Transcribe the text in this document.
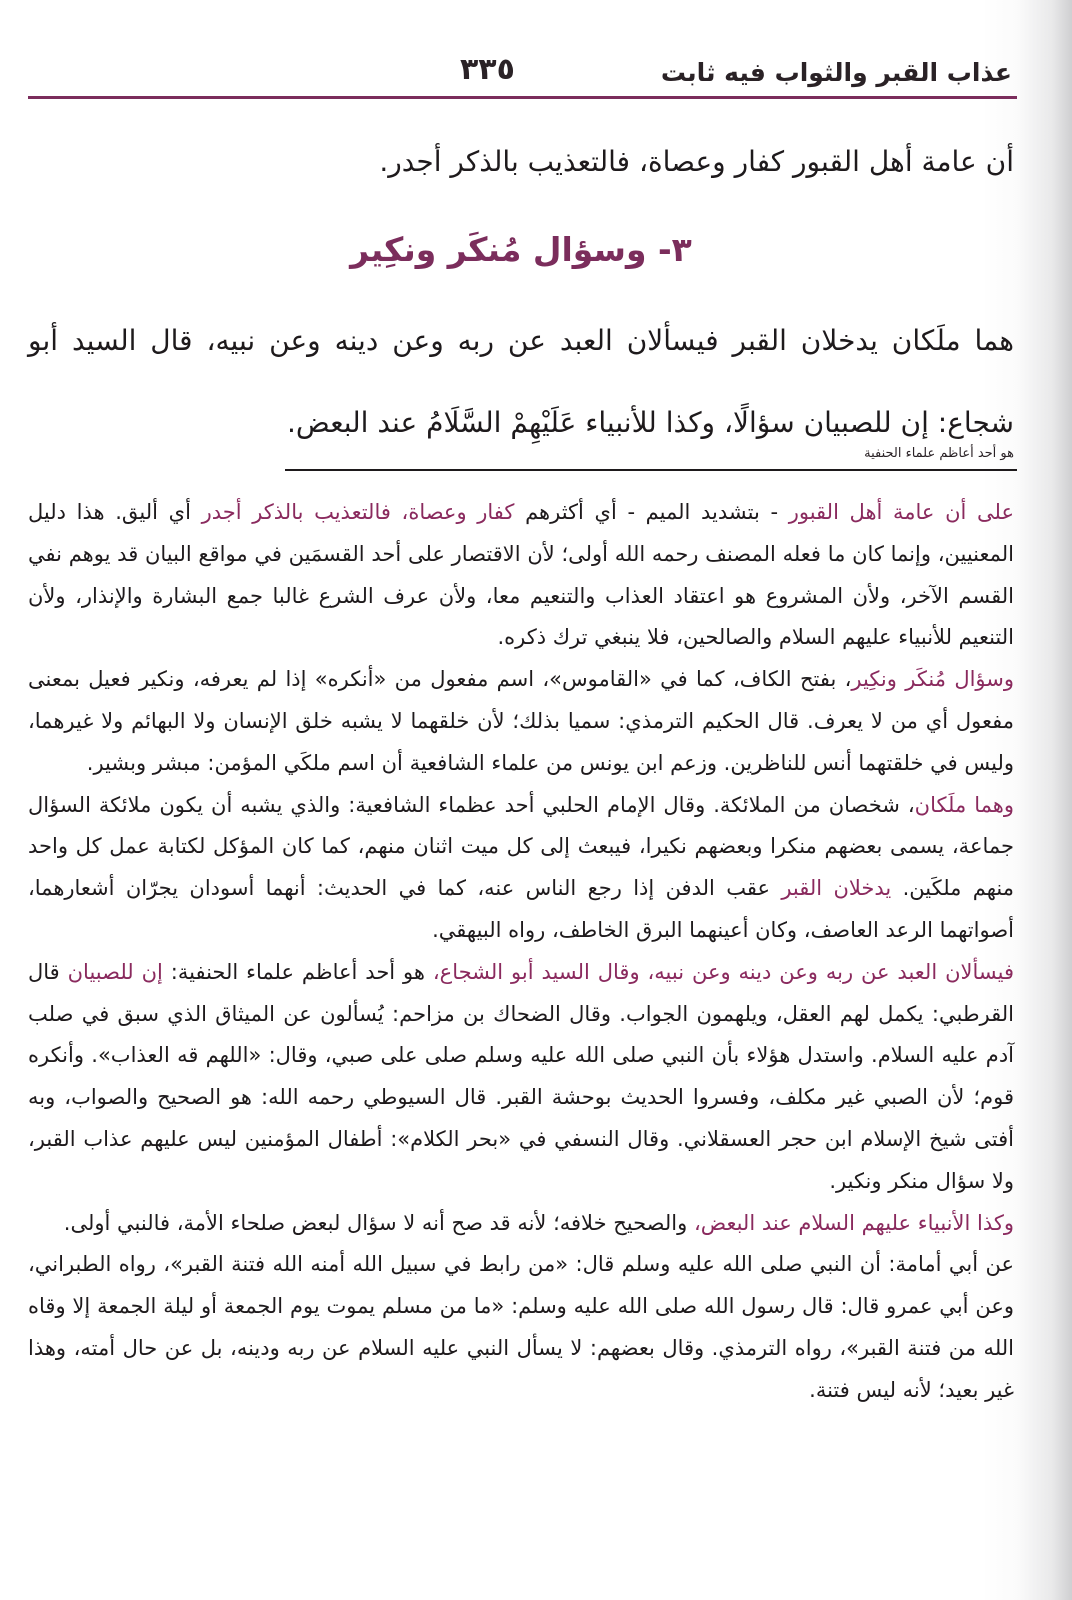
عذاب القبر والثواب فيه ثابت
٣٣٥
أن عامة أهل القبور كفار وعصاة، فالتعذيب بالذكر أجدر.
٣- وسؤال مُنكَر ونكِير
هما ملَكان يدخلان القبر فيسألان العبد عن ربه وعن دينه وعن نبيه، قال السيد أبو شجاع: إن للصبيان سؤالًا، وكذا للأنبياء عَلَيْهِمْ السَّلَامُ عند البعض.
هو أحد أعاظم علماء الحنفية

على أن عامة أهل القبور - بتشديد الميم - أي أكثرهم كفار وعصاة، فالتعذيب بالذكر أجدر أي أليق. هذا دليل المعنيين، وإنما كان ما فعله المصنف رحمه الله أولى؛ لأن الاقتصار على أحد القسمَين في مواقع البيان قد يوهم نفي القسم الآخر، ولأن المشروع هو اعتقاد العذاب والتنعيم معا، ولأن عرف الشرع غالبا جمع البشارة والإنذار، ولأن التنعيم للأنبياء عليهم السلام والصالحين، فلا ينبغي ترك ذكره.

وسؤال مُنكَر ونكِير، بفتح الكاف، كما في «القاموس»، اسم مفعول من «أنكره» إذا لم يعرفه، ونكير فعيل بمعنى مفعول أي من لا يعرف. قال الحكيم الترمذي: سميا بذلك؛ لأن خلقهما لا يشبه خلق الإنسان ولا البهائم ولا غيرهما، وليس في خلقتهما أنس للناظرين. وزعم ابن يونس من علماء الشافعية أن اسم ملكَي المؤمن: مبشر وبشير.

وهما ملَكان، شخصان من الملائكة. وقال الإمام الحلبي أحد عظماء الشافعية: والذي يشبه أن يكون ملائكة السؤال جماعة، يسمى بعضهم منكرا وبعضهم نكيرا، فيبعث إلى كل ميت اثنان منهم، كما كان المؤكل لكتابة عمل كل واحد منهم ملكَين. يدخلان القبر عقب الدفن إذا رجع الناس عنه، كما في الحديث: أنهما أسودان يجرّان أشعارهما، أصواتهما الرعد العاصف، وكان أعينهما البرق الخاطف، رواه البيهقي.

فيسألان العبد عن ربه وعن دينه وعن نبيه، وقال السيد أبو الشجاع، هو أحد أعاظم علماء الحنفية: إن للصبيان قال القرطبي: يكمل لهم العقل، ويلهمون الجواب. وقال الضحاك بن مزاحم: يُسألون عن الميثاق الذي سبق في صلب آدم عليه السلام. واستدل هؤلاء بأن النبي صلى الله عليه وسلم صلى على صبي، وقال: «اللهم قه العذاب». وأنكره قوم؛ لأن الصبي غير مكلف، وفسروا الحديث بوحشة القبر. قال السيوطي رحمه الله: هو الصحيح والصواب، وبه أفتى شيخ الإسلام ابن حجر العسقلاني. وقال النسفي في «بحر الكلام»: أطفال المؤمنين ليس عليهم عذاب القبر، ولا سؤال منكر ونكير.

وكذا الأنبياء عليهم السلام عند البعض، والصحيح خلافه؛ لأنه قد صح أنه لا سؤال لبعض صلحاء الأمة، فالنبي أولى.

عن أبي أمامة: أن النبي صلى الله عليه وسلم قال: «من رابط في سبيل الله أمنه الله فتنة القبر»، رواه الطبراني، وعن أبي عمرو قال: قال رسول الله صلى الله عليه وسلم: «ما من مسلم يموت يوم الجمعة أو ليلة الجمعة إلا وقاه الله من فتنة القبر»، رواه الترمذي. وقال بعضهم: لا يسأل النبي عليه السلام عن ربه ودينه، بل عن حال أمته، وهذا غير بعيد؛ لأنه ليس فتنة.
